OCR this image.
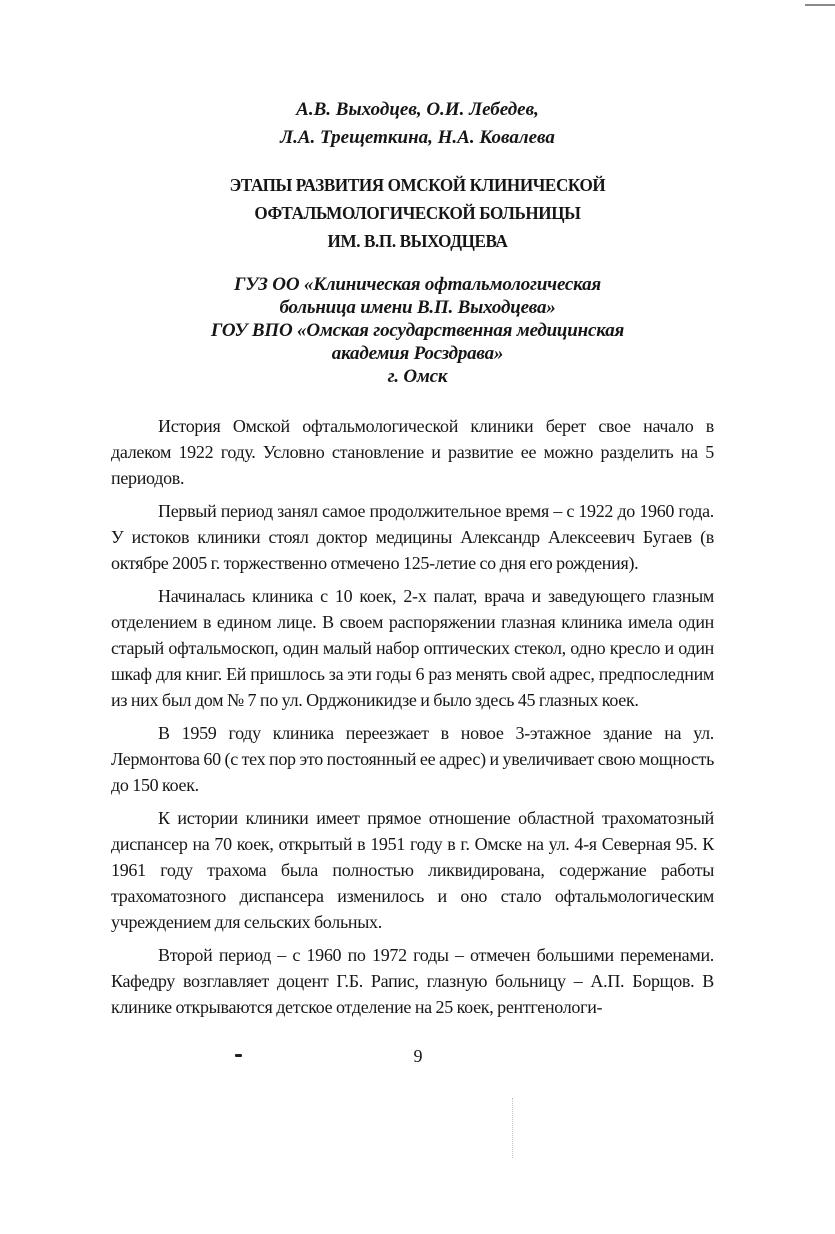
А.В. Выходцев, О.И. Лебедев,
Л.А. Трещеткина, Н.А. Ковалева
ЭТАПЫ РАЗВИТИЯ ОМСКОЙ КЛИНИЧЕСКОЙ
ОФТАЛЬМОЛОГИЧЕСКОЙ БОЛЬНИЦЫ
ИМ. В.П. ВЫХОДЦЕВА
ГУЗ ОО «Клиническая офтальмологическая
больница имени В.П. Выходцева»
ГОУ ВПО «Омская государственная медицинская
академия Росздрава»
г. Омск

История Омской офтальмологической клиники берет свое начало в далеком 1922 году. Условно становление и развитие ее можно разделить на 5 периодов.

Первый период занял самое продолжительное время – с 1922 до 1960 года. У истоков клиники стоял доктор медицины Александр Алексеевич Бугаев (в октябре 2005 г. торжественно отмечено 125-летие со дня его рождения).

Начиналась клиника с 10 коек, 2-х палат, врача и заведующего глазным отделением в едином лице. В своем распоряжении глазная клиника имела один старый офтальмоскоп, один малый набор оптических стекол, одно кресло и один шкаф для книг. Ей пришлось за эти годы 6 раз менять свой адрес, предпоследним из них был дом № 7 по ул. Орджоникидзе и было здесь 45 глазных коек.

В 1959 году клиника переезжает в новое 3-этажное здание на ул. Лермонтова 60 (с тех пор это постоянный ее адрес) и увеличивает свою мощность до 150 коек.

К истории клиники имеет прямое отношение областной трахоматозный диспансер на 70 коек, открытый в 1951 году в г. Омске на ул. 4-я Северная 95. К 1961 году трахома была полностью ликвидирована, содержание работы трахоматозного диспансера изменилось и оно стало офтальмологическим учреждением для сельских больных.

Второй период – с 1960 по 1972 годы – отмечен большими переменами. Кафедру возглавляет доцент Г.Б. Рапис, глазную больницу – А.П. Борщов. В клинике открываются детское отделение на 25 коек, рентгенологи-

9
